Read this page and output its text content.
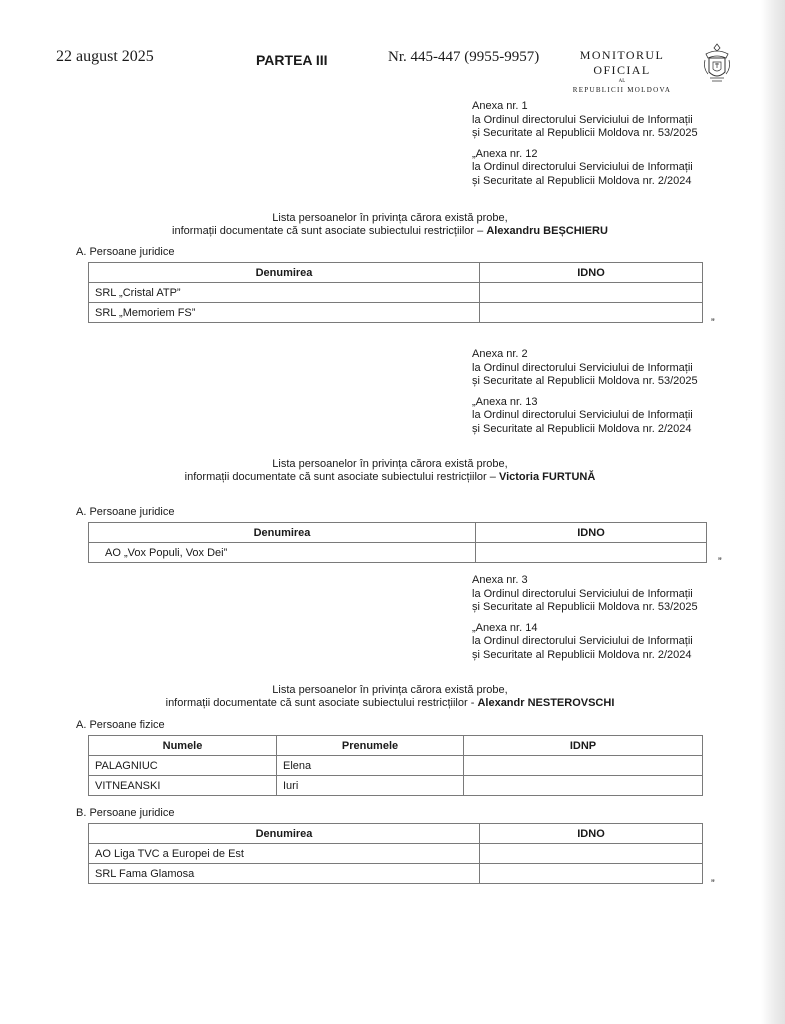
22 august 2025	PARTEA III	Nr. 445-447 (9955-9957)	MONITORUL OFICIAL
AL
REPUBLICII MOLDOVA
Anexa nr. 1
la Ordinul directorului Serviciului de Informații
și Securitate al Republicii Moldova nr. 53/2025
„Anexa nr. 12
la Ordinul directorului Serviciului de Informații
și Securitate al Republicii Moldova nr. 2/2024
Lista persoanelor în privința cărora există probe,
informații documentate că sunt asociate subiectului restricțiilor – Alexandru BEȘCHIERU
A. Persoane juridice
Denumirea	IDNO
SRL „Cristal ATP”	
SRL „Memoriem FS”	
”
Anexa nr. 2
la Ordinul directorului Serviciului de Informații
și Securitate al Republicii Moldova nr. 53/2025
„Anexa nr. 13
la Ordinul directorului Serviciului de Informații
și Securitate al Republicii Moldova nr. 2/2024
Lista persoanelor în privința cărora există probe,
informații documentate că sunt asociate subiectului restricțiilor – Victoria FURTUNĂ
A. Persoane juridice
Denumirea	IDNO
AO „Vox Populi, Vox Dei”	
”
Anexa nr. 3
la Ordinul directorului Serviciului de Informații
și Securitate al Republicii Moldova nr. 53/2025
„Anexa nr. 14
la Ordinul directorului Serviciului de Informații
și Securitate al Republicii Moldova nr. 2/2024
Lista persoanelor în privința cărora există probe,
informații documentate că sunt asociate subiectului restricțiilor - Alexandr NESTEROVSCHI
A. Persoane fizice
Numele	Prenumele	IDNP
PALAGNIUC	Elena	
VITNEANSKI	Iuri	
B. Persoane juridice
Denumirea	IDNO
AO Liga TVC a Europei de Est	
SRL Fama Glamosa	
”
